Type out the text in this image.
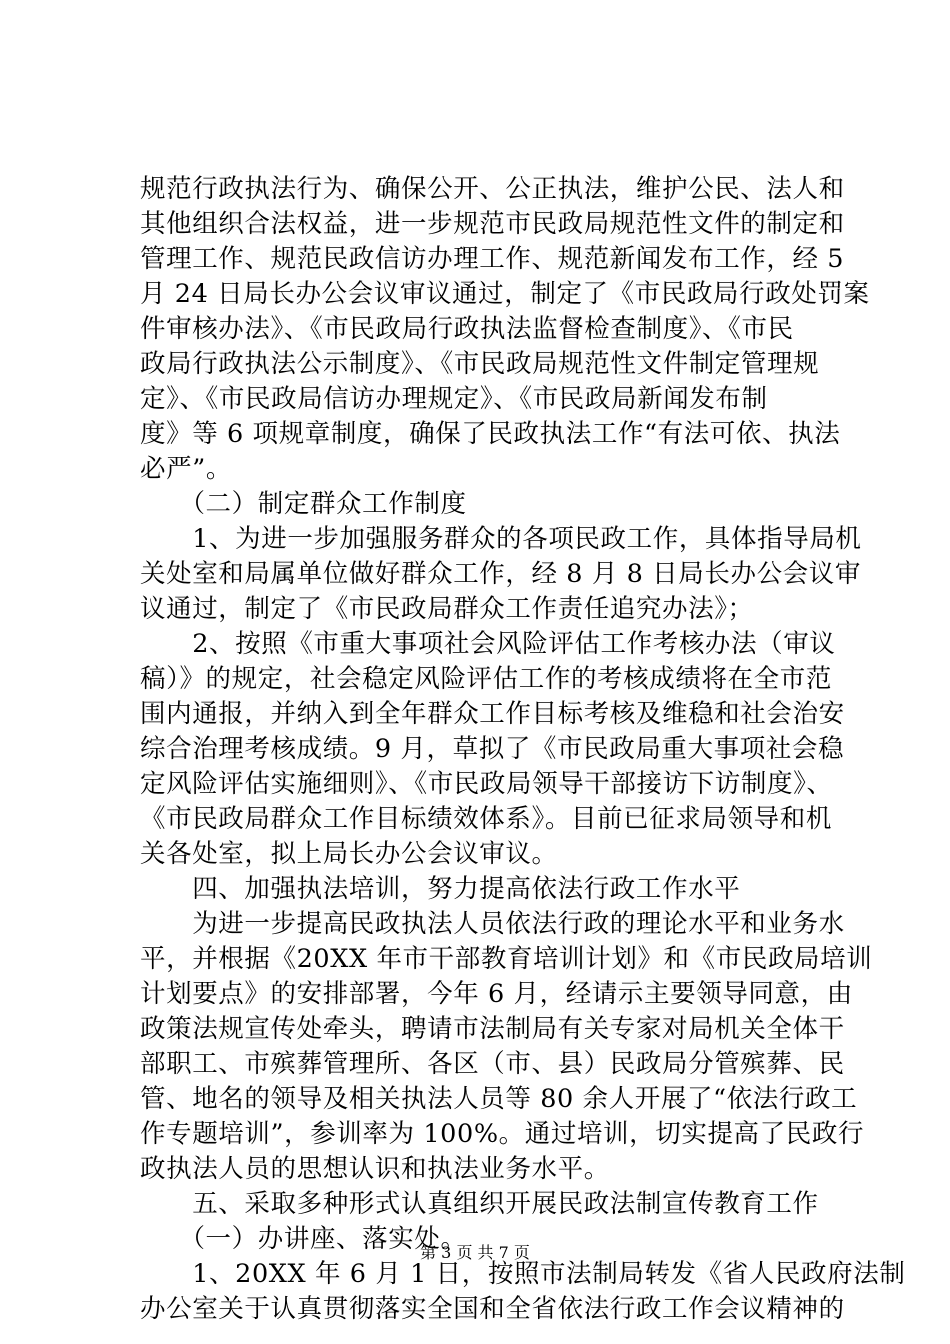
规范行政执法行为、确保公开、公正执法，维护公民、法人和
其他组织合法权益，进一步规范市民政局规范性文件的制定和
管理工作、规范民政信访办理工作、规范新闻发布工作，经 5
月 24 日局长办公会议审议通过，制定了《市民政局行政处罚案
件审核办法》、《市民政局行政执法监督检查制度》、《市民
政局行政执法公示制度》、《市民政局规范性文件制定管理规
定》、《市民政局信访办理规定》、《市民政局新闻发布制
度》等 6 项规章制度，确保了民政执法工作“有法可依、执法
必严”。
　　（二）制定群众工作制度
　　1、为进一步加强服务群众的各项民政工作，具体指导局机
关处室和局属单位做好群众工作，经 8 月 8 日局长办公会议审
议通过，制定了《市民政局群众工作责任追究办法》；
　　2、按照《市重大事项社会风险评估工作考核办法（审议
稿）》的规定，社会稳定风险评估工作的考核成绩将在全市范
围内通报，并纳入到全年群众工作目标考核及维稳和社会治安
综合治理考核成绩。9 月，草拟了《市民政局重大事项社会稳
定风险评估实施细则》、《市民政局领导干部接访下访制度》、
《市民政局群众工作目标绩效体系》。目前已征求局领导和机
关各处室，拟上局长办公会议审议。
　　四、加强执法培训，努力提高依法行政工作水平
　　为进一步提高民政执法人员依法行政的理论水平和业务水
平，并根据《20XX 年市干部教育培训计划》和《市民政局培训
计划要点》的安排部署，今年 6 月，经请示主要领导同意，由
政策法规宣传处牵头，聘请市法制局有关专家对局机关全体干
部职工、市殡葬管理所、各区（市、县）民政局分管殡葬、民
管、地名的领导及相关执法人员等 80 余人开展了“依法行政工
作专题培训”，参训率为 100%。通过培训，切实提高了民政行
政执法人员的思想认识和执法业务水平。
　　五、采取多种形式认真组织开展民政法制宣传教育工作
　　（一）办讲座、落实处。
　　1、20XX 年 6 月 1 日，按照市法制局转发《省人民政府法制
办公室关于认真贯彻落实全国和全省依法行政工作会议精神的
第 3 页 共 7 页
